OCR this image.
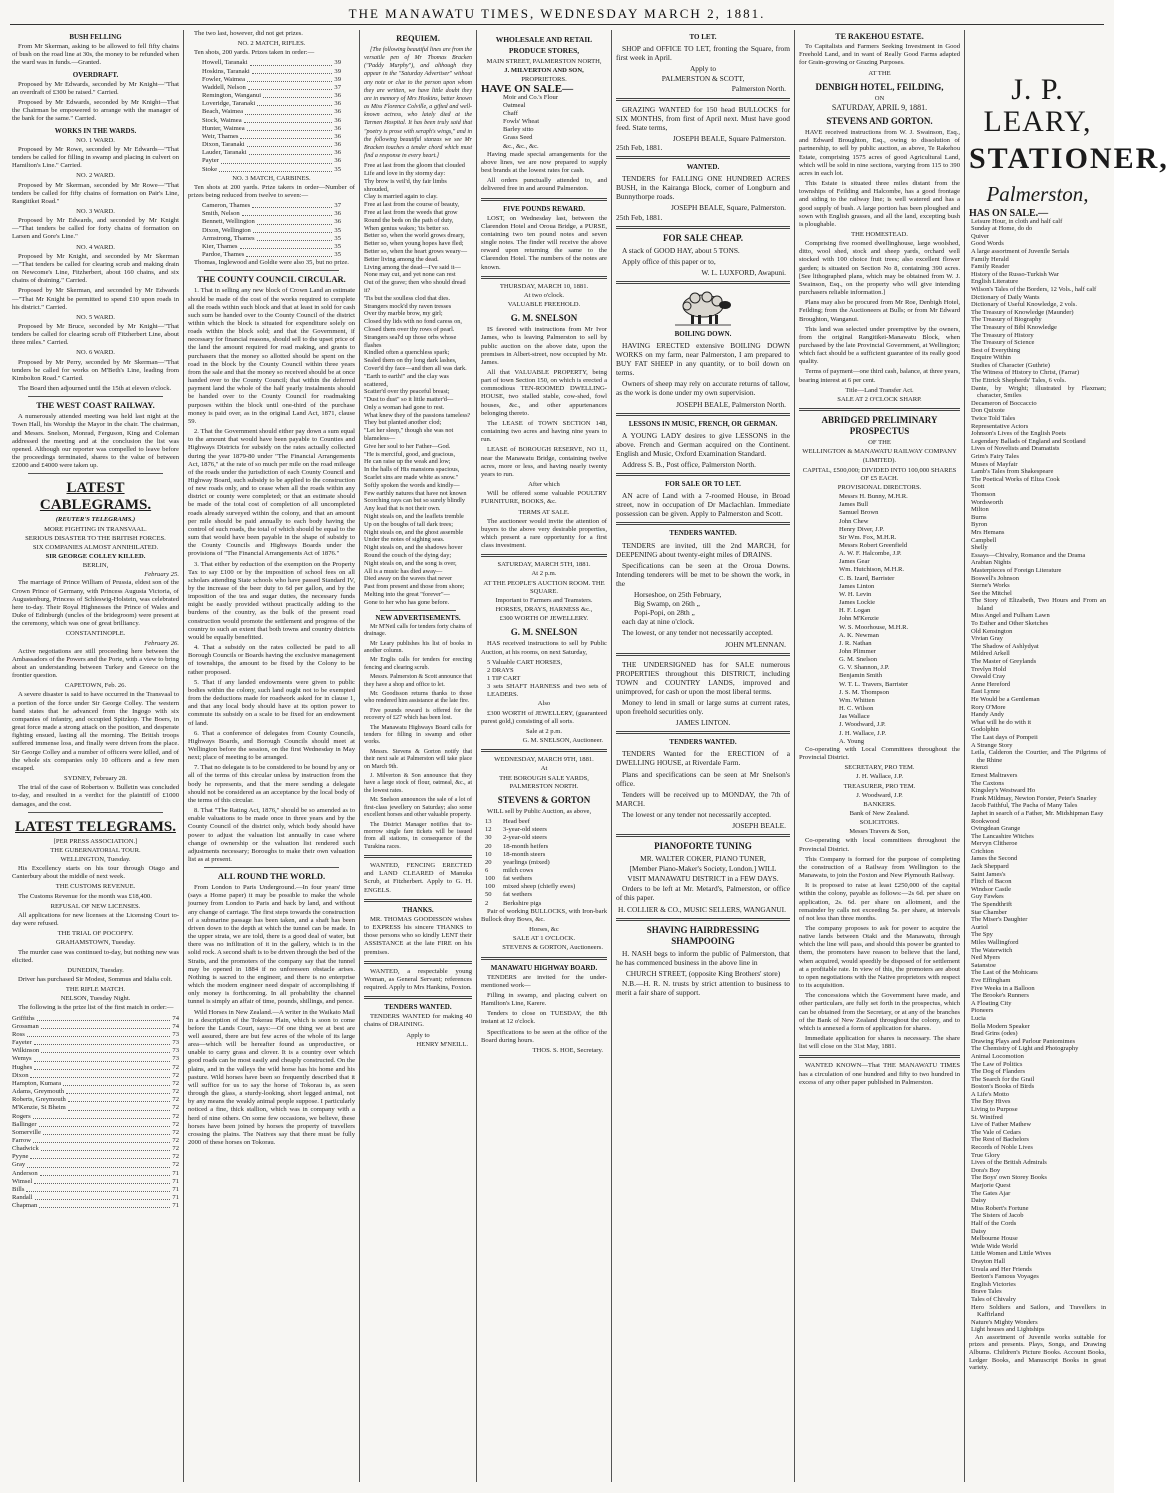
THE MANAWATU TIMES, WEDNESDAY MARCH 2, 1881.
BUSH FELLING

From Mr Skerman, asking to be allowed to fell fifty chains of bush on the road line at 30s, the money to be refunded when the ward was in funds.—Granted.

OVERDRAFT.

Proposed by Mr Edwards, seconded by Mr Knight—"That an overdraft of £300 be raised." Carried.

Proposed by Mr Edwards, seconded by Mr Knight—That the Chairman be empowered to arrange with the manager of the bank for the same." Carried.

WORKS IN THE WARDS.
NO. 1 WARD.

Proposed by Mr Rowe, seconded by Mr Edwards—"That tenders be called for filling in swamp and placing in culvert on Hamilton's Line." Carried.

NO. 2 WARD.

Proposed by Mr Skerman, seconded by Mr Rowe—"That tenders be called for fifty chains of formation on Pair's Line, Rangitikei Road."

NO. 3 WARD.

Proposed by Mr Edwards, and seconded by Mr Knight—"That tenders be called for forty chains of formation on Larsen and Gore's Line."

NO. 4 WARD.

Proposed by Mr Knight, and seconded by Mr Skerman—"That tenders be called for clearing scrub and making drain on Newcome's Line, Fitzherbert, about 160 chains, and six chains of draining." Carried.

Proposed by Mr Skerman, and seconded by Mr Edwards—"That Mr Knight be permitted to spend £10 upon roads in his district." Carried.

NO. 5 WARD.

Proposed by Mr Bruce, seconded by Mr Knight—"That tenders be called for clearing scrub off Fitzherbert Line, about three miles." Carried.

NO. 6 WARD.

Proposed by Mr Perry, seconded by Mr Skerman—"That tenders be called for works on M'Beth's Line, leading from Kimbolton Road." Carried.

The Board then adjourned until the 15th at eleven o'clock.

THE WEST COAST RAILWAY.

A numerously attended meeting was held last night at the Town Hall, his Worship the Mayor in the chair. The chairman, and Messrs. Snelson, Monrad, Ferguson, King and Coleman addressed the meeting and at the conclusion the list was opened. Although our reporter was compelled to leave before the proceedings terminated, shares to the value of between £2000 and £4000 were taken up.

LATEST CABLEGRAMS.
(REUTER'S TELEGRAMS.)
MORE FIGHTING IN TRANSVAAL.
SERIOUS DISASTER TO THE BRITISH FORCES.
SIX COMPANIES ALMOST ANNIHILATED.
SIR GEORGE COLLEY KILLED.
BERLIN,
February 25.

The marriage of Prince William of Prussia, eldest son of the Crown Prince of Germany, with Princess Augusta Victoria, of Augustenburg, Princess of Schleswig-Holstein, was celebrated here to-day. Their Royal Highnesses the Prince of Wales and Duke of Edinburgh (uncles of the bridegroom) were present at the ceremony, which was one of great brilliancy.

CONSTANTINOPLE.
February 26.

Active negotiations are still proceeding here between the Ambassadors of the Powers and the Porte, with a view to bring about an understanding between Turkey and Greece on the frontier question.

CAPETOWN, Feb. 26.

A severe disaster is said to have occurred in the Transvaal to a portion of the force under Sir George Colley. The western band states that he advanced from the Ingogo with six companies of infantry, and occupied Spitzkop. The Boers, in great force made a strong attack on the position, and desperate fighting ensued, lasting all the morning. The British troops suffered immense loss, and finally were driven from the place. Sir George Colley and a number of officers were killed, and of the whole six companies only 10 officers and a few men escaped.

SYDNEY, February 28.

The trial of the case of Robertson v. Bulletin was concluded to-day, and resulted in a verdict for the plaintiff of £1000 damages, and the cost.

LATEST TELEGRAMS.
[PER PRESS ASSOCIATION.]
THE GUBERNATORIAL TOUR.
WELLINGTON, Tuesday.

His Excellency starts on his tour through Otago and Canterbury about the middle of next week.

THE CUSTOMS REVENUE.

The Customs Revenue for the month was £18,400.

REFUSAL OF NEW LICENSES.

All applications for new licenses at the Licensing Court to-day were refused.

THE TRIAL OF POCOFFY.
GRAHAMSTOWN, Tuesday.

The murder case was continued to-day, but nothing new was elicited.

DUNEDIN, Tuesday.

Driver has purchased Sir Modest, Sommus and Idalia colt.

THE RIFLE MATCH.
NELSON, Tuesday Night.

The following is the prize list of the first match in order:—

Griffiths	74
Grossman	74
Ross	73
Fayeter	73
Wilkinson	73
Wemys	73
Hughes	72
Dixon	72
Hampton, Kumara	72
Adams, Greymouth	72
Roberts, Greymouth	72
M'Kenzie, St Bheim	72
Rogers	72
Ballinger	72
Somerville	72
Farrow	72
Chadwick	72
Pyyne	72
Gray	72
Anderson	71
Wimsel	71
Bills	71
Randall	71
Chapman	71

The two last, however, did not get prizes.

NO. 2 MATCH, RIFLES.

Ten shots, 200 yards. Prizes taken in order:—

Howell, Taranaki	39
Hoskins, Taranaki	39
Fowler, Waimea	39
Waddell, Nelson	37
Remington, Wanganui	36
Loveridge, Taranaki	36
Beach, Waimea	36
Stock, Waimea	36
Hunter, Waimea	36
Weir, Thames	36
Dixon, Taranaki	36
Lauder, Taranaki	36
Payter	36
Stoke	35
NO. 3 MATCH, CARBINES.

Ten shots at 200 yards. Prize takers in order—Number of prizes being reduced from twelve to seven:—

Cameron, Thames	37
Smith, Nelson	36
Bennett, Wellington	36
Dixon, Wellington	35
Armstrong, Thames	35
Kier, Thames	35
Pardoe, Thames	35

Thomas, Inglewood and Goldie were also 35, but no prize.

THE COUNTY COUNCIL CIRCULAR.

1. That in selling any new block of Crown Land an estimate should be made of the cost of the works required to complete all the roads within such block and that at least in sold for cash such sum be handed over to the County Council of the district within which the block is situated for expenditure solely on roads within the block sold; and that the Government, if necessary for financial reasons, should sell to the upset price of the land the amount required for road making, and grants to purchasers that the money so allotted should be spent on the road in the block by the County Council within three years from the sale and that the money so received should be at once handed over to the County Council; that within the deferred payment land the whole of the half yearly instalments should be handed over to the County Council for roadmaking purposes within the block until one-third of the purchase money is paid over, as in the original Land Act, 1871, clause 59.

2. That the Government should either pay down a sum equal to the amount that would have been payable to Counties and Highways Districts for subsidy on the rates actually collected during the year 1879-80 under "The Financial Arrangements Act, 1876," at the rate of so much per mile on the road mileage of the roads under the jurisdiction of each County Council and Highway Board, such subsidy to be applied to the construction of new roads only, and to cease when all the roads within any district or county were completed; or that an estimate should be made of the total cost of completion of all uncompleted roads already surveyed within the colony, and that an amount per mile should be paid annually to each body having the control of such roads, the total of which should be equal to the sum that would have been payable in the shape of subsidy to the County Councils and Highways Boards under the provisions of "The Financial Arrangements Act of 1876."

3. That either by reduction of the exemption on the Property Tax to say £100 or by the imposition of school fees on all scholars attending State schools who have passed Standard IV, by the increase of the beer duty to 6d per gallon, and by the imposition of the tea and sugar duties, the necessary funds might be easily provided without practically adding to the burdens of the country, as the bulk of the present road construction would promote the settlement and progress of the country to such an extent that both towns and country districts would be equally benefitted.

4. That a subsidy on the rates collected be paid to all Borough Councils or Boards having the exclusive management of townships, the amount to be fixed by the Colony to be rather proposed.

5. That if any landed endowments were given to public bodies within the colony, such land ought not to be exempted from the deductions made for roadwork asked for in clause 1, and that any local body should have at its option power to commute its subsidy on a scale to be fixed for an endowment of land.

6. That a conference of delegates from County Councils, Highways Boards, and Borough Councils should meet at Wellington before the session, on the first Wednesday in May next; place of meeting to be arranged.

7. That no delegate is to be considered to be bound by any or all of the terms of this circular unless by instruction from the body he represents, and that the mere sending a delegate should not be considered as an acceptance by the local body of the terms of this circular.

8. That "The Rating Act, 1876," should be so amended as to enable valuations to be made once in three years and by the County Council of the district only, which body should have power to adjust the valuation list annually in case where change of ownership or the valuation list rendered such adjustments necessary; Boroughs to make their own valuation list as at present.

ALL ROUND THE WORLD.

From London to Paris Underground.—In four years' time (says a Home paper) it may be possible to make the whole journey from London to Paris and back by land, and without any change of carriage. The first steps towards the construction of a submarine passage has been taken, and a shaft has been driven down to the depth at which the tunnel can be made. In the upper strata, we are told, there is a good deal of water, but there was no infiltration of it in the gallery, which is in the solid rock. A second shaft is to be driven through the bed of the Straits, and the promoters of the company say that the tunnel may be opened in 1884 if no unforeseen obstacle arises. Nothing is sacred to the engineer, and there is no enterprise which the modern engineer need despair of accomplishing if only money is forthcoming. In all probability the channel tunnel is simply an affair of time, pounds, shillings, and pence.

Wild Horses in New Zealand.—A writer in the Waikato Mail in a description of the Tokerau Plain, which is soon to come before the Lands Court, says:—Of one thing we at best are well assured, there are but few acres of the whole of its large area—which will be hereafter found as unproductive, or unable to carry grass and clover. It is a country over which good roads can be most easily and cheaply constructed. On the plains, and in the valleys the wild horse has his home and his pasture. Wild horses have been so frequently described that it will suffice for us to say the horse of Tokorau is, as seen through the glass, a sturdy-looking, short legged animal, not by any means the weakly animal people suppose. I particularly noticed a fine, thick stallion, which was in company with a herd of nine others. On some few occasions, we believe, these horses have been joined by horses the property of travellers crossing the plains. The Natives say that there must be fully 2000 of these horses on Tokorau.

REQUIEM.

[The following beautiful lines are from the versatile pen of Mr Thomas Bracken ("Paddy Murphy"), and although they appear in the "Saturday Advertiser" without any note or clue to the person upon whom they are written, we have little doubt they are in memory of Mrs Hoskins, better known as Miss Florence Colville, a gifted and well-known actress, who lately died at the Tarmen Hospital. It has been truly said that "poetry is prose with seraph's wings," and in the following beautiful stanzas we see Mr Bracken touches a tender chord which must find a response in every heart.]

Free at last from the gloom that clouded
Life and love in thy stormy day:
Thy brow is veil'd, thy fair limbs shrouded,
Clay is married again to clay.
Free at last from the course of beauty,
Free at last from the weeds that grow
Round the beds on the path of duty,
When genius wakes; 'tis better so.
Better so, when the world grows dreary,
Better so, when young hopes have fled;
Better so, when the heart grows weary—
Better living among the dead.
Living among the dead—I've said it—
None may cut, and yet none can rest
Out of the grave; then who should dread it?
'Tis but the soulless clod that dies.
Strangers mock'd thy raven tresses
Over thy marble brow, my girl;
Closed thy lids with no fond caress on,
Closed them over thy rows of pearl.
Strangers seal'd up those orbs whose flashes
Kindled often a quenchless spark;
Sealed them on thy long dark lashes,
Cover'd thy face—and then all was dark.
"Earth to earth!" and the clay was scattered,
Scatter'd over thy peaceful breast;
"Dust to dust" so it little matter'd—
Only a woman had gone to rest.
What knew they of the passions tameless?
They but planted another clod;
"Let her sleep," though she was not blameless—
Give her soul to her Father—God.
"He is merciful, good, and gracious,
He can raise up the weak and low;
In the halls of His mansions spacious,
Scarlet sins are made white as snow."
Softly spoken the words and kindly—
Few earthly natures that have not known
Scorching rays can but so surely blindly
Any lead that is not their own.
Night steals on, and the leaflets tremble
Up on the boughs of tall dark trees;
Night steals on, and the ghost assemble
Under the notes of sighing seas.
Night steals on, and the shadows hover
Round the couch of the dying day;
Night steals on, and the song is over,
All is a music has died away—
Died away on the waves that never
Past from present and those from shore;
Melting into the great "forever"—
Gone to her who has gone before.
NEW ADVERTISEMENTS.

Mr M'Neil calls for tenders forty chains of drainage.

Mr Leary publishes his list of books in another column.

Mr Englis calls for tenders for erecting fencing and clearing scrub.

Messrs. Palmerston & Scott announce that they have a shop and office to let.

Mr. Goodisson returns thanks to those who rendered him assistance at the late fire.

Five pounds reward is offered for the recovery of £27 which has been lost.

The Manawatu Highways Board calls for tenders for filling in swamp and other works.

Messrs. Stevens & Gorton notify that their next sale at Palmerston will take place on March 9th.

J. Milverton & Son announce that they have a large stock of flour, oatmeal, &c., at the lowest rates.

Mr. Snelson announces the sale of a lot of first-class jewellery on Saturday; also some excellent horses and other valuable property.

The District Manager notifies that to-morrow single fare tickets will be issued from all stations, in consequence of the Turakina races.

WANTED, FENCING ERECTED and LAND CLEARED of Manuka Scrub, at Fitzherbert. Apply to G. H. ENGELS.

THANKS.

MR. THOMAS GOODISSON wishes to EXPRESS his sincere THANKS to those persons who so kindly LENT their ASSISTANCE at the late FIRE on his premises.

WANTED, a respectable young Woman, as General Servant; references required. Apply to Mrs Hankins, Foxton.

TENDERS WANTED.

TENDERS WANTED for making 40 chains of DRAINING.

Apply to
HENRY M'NEILL.
WHOLESALE AND RETAIL PRODUCE STORES,
MAIN STREET, PALMERSTON NORTH,
J. MILVERTON AND SON,
PROPRIETORS.
HAVE ON SALE—
Moir and Co.'s Flour
Oatmeal
Chaff
Fowls' Wheat
Barley sitto
Grass Seed
&c., &c., &c.

Having made special arrangements for the above lines, we are now prepared to supply best brands at the lowest rates for cash.

All orders punctually attended to, and delivered free in and around Palmerston.

FIVE POUNDS REWARD.

LOST, on Wednesday last, between the Clarendon Hotel and Oroua Bridge, a PURSE, containing two ten pound notes and seven single notes. The finder will receive the above reward upon returning the same to the Clarendon Hotel. The numbers of the notes are known.

THURSDAY, MARCH 10, 1881.
At two o'clock.
VALUABLE FREEHOLD.
G. M. SNELSON

IS favored with instructions from Mr Ivor James, who is leaving Palmerston to sell by public auction on the above date, upon the premises in Albert-street, now occupied by Mr. James.

All that VALUABLE PROPERTY, being part of town Section 150, on which is erected a commodious TEN-ROOMED DWELLING-HOUSE, two stalled stable, cow-shed, fowl houses, &c., and other appurtenances belonging thereto.

The LEASE of TOWN SECTION 148, containing two acres and having nine years to run.

LEASE of BOROUGH RESERVE, NO 11, near the Manawatu Bridge, containing twelve acres, more or less, and having nearly twenty years to run.

After which

Will be offered some valuable POULTRY FURNITURE, BOOKS, &c.

TERMS AT SALE.

The auctioneer would invite the attention of buyers to the above very desirable properties, which present a rare opportunity for a first class investment.

SATURDAY, MARCH 5TH, 1881.
At 2 p.m.
AT THE PEOPLE'S AUCTION ROOM. THE SQUARE.
Important to Farmers and Teamsters.
HORSES, DRAYS, HARNESS &c.,
£300 WORTH OF JEWELLERY.
G. M. SNELSON

HAS received instructions to sell by Public Auction, at his rooms, on next Saturday,

5 Valuable CART HORSES,
2 DRAYS
1 TIP CART
3 sets SHAFT HARNESS and two sets of LEADERS.
Also

£300 WORTH of JEWELLERY, (guaranteed purest gold,) consisting of all sorts.

Sale at 2 p.m.
G. M. SNELSON, Auctioneer.
WEDNESDAY, MARCH 9TH, 1881.
At
THE BOROUGH SALE YARDS, PALMERSTON NORTH.
STEVENS & GORTON

WILL sell by Public Auction, as above,

13	Head beef
12	3-year-old steers
30	2-year-old steers
20	18-month heifers
10	18-month steers
20	yearlings (mixed)
6	milch cows
100	fat wethers
100	mixed sheep (chiefly ewes)
50	fat wethers
2	Berkshire pigs

Pair of working BULLOCKS, with Iron-bark Bullock dray Bows, &c.

Horses, &c
SALE AT 1 O'CLOCK.
STEVENS & GORTON, Auctioneers.
MANAWATU HIGHWAY BOARD.

TENDERS are invited for the under-mentioned work—

Filling in swamp, and placing culvert on Hamilton's Line, Karere.

Tenders to close on TUESDAY, the 8th instant at 12 o'clock.

Specifications to be seen at the office of the Board during hours.

THOS. S. HOE, Secretary.
TO LET.

SHOP and OFFICE TO LET, fronting the Square, from first week in April.

Apply to
PALMERSTON & SCOTT,
Palmerston North.

GRAZING WANTED for 150 head BULLOCKS for SIX MONTHS, from first of April next. Must have good feed. State terms,

JOSEPH BEALE, Square Palmerston.
25th Feb, 1881.
WANTED.

TENDERS for FALLING ONE HUNDRED ACRES BUSH, in the Kairanga Block, corner of Longburn and Bunnythorpe roads.

JOSEPH BEALE, Square, Palmerston.
25th Feb, 1881.
FOR SALE CHEAP.

A stack of GOOD HAY, about 5 TONS.

Apply office of this paper or to,

W. L. LUXFORD, Awapuni.
BOILING DOWN.

HAVING ERECTED extensive BOILING DOWN WORKS on my farm, near Palmerston, I am prepared to BUY FAT SHEEP in any quantity, or to boil down on terms.

Owners of sheep may rely on accurate returns of tallow, as the work is done under my own supervision.

JOSEPH BEALE, Palmerston North.
LESSONS IN MUSIC, FRENCH, OR GERMAN.

A YOUNG LADY desires to give LESSONS in the above. French and German acquired on the Continent. English and Music, Oxford Examination Standard.

Address S. B., Post office, Palmerston North.

FOR SALE OR TO LET.

AN acre of Land with a 7-roomed House, in Broad street, now in occupation of Dr Maclachlan. Immediate possession can be given. Apply to Palmerston and Scott.

TENDERS WANTED.

TENDERS are invited, till the 2nd MARCH, for DEEPENING about twenty-eight miles of DRAINS.

Specifications can be seen at the Oroua Downs. Intending tenderers will be met to be shown the work, in the

Horseshoe, on 25th February,
Big Swamp, on 26th „
Popi-Popi, on 28th „

each day at nine o'clock.

The lowest, or any tender not necessarily accepted.

JOHN M'LENNAN.

THE UNDERSIGNED has for SALE numerous PROPERTIES throughout this DISTRICT, including TOWN and COUNTRY LANDS, improved and unimproved, for cash or upon the most liberal terms.

Money to lend in small or large sums at current rates, upon freehold securities only.

JAMES LINTON.
TENDERS WANTED.

TENDERS Wanted for the ERECTION of a DWELLING HOUSE, at Riverdale Farm.

Plans and specifications can be seen at Mr Snelson's office.

Tenders will be received up to MONDAY, the 7th of MARCH.

The lowest or any tender not necessarily accepted.

JOSEPH BEALE.
PIANOFORTE TUNING
MR. WALTER COKER, PIANO TUNER,
[Member Piano-Maker's Society, London.] WILL
VISIT MANAWATU DISTRICT in a FEW DAYS.

Orders to be left at Mr. Metard's, Palmerston, or office of this paper.

H. COLLIER & CO., MUSIC SELLERS, WANGANUI.
SHAVING HAIRDRESSING SHAMPOOING

H. NASH begs to inform the public of Palmerston, that he has commenced business in the above line in

CHURCH STREET, (opposite King Brothers' store)

N.B.—H. R. N. trusts by strict attention to business to merit a fair share of support.

TE RAKEHOU ESTATE.

To Capitalists and Farmers Seeking Investment in Good Freehold Land, and in want of Really Good Farms adapted for Grain-growing or Grazing Purposes.

AT THE
DENBIGH HOTEL, FEILDING,
ON
SATURDAY, APRIL 9, 1881.
STEVENS AND GORTON.

HAVE received instructions from W. J. Swainson, Esq., and Edward Broughton, Esq., owing to dissolution of partnership, to sell by public auction, as above, Te Rakehou Estate, comprising 1575 acres of good Agricultural Land, which will be sold in nine sections, varying from 115 to 390 acres in each lot.

This Estate is situated three miles distant from the townships of Feilding and Halcombe, has a good frontage and siding to the railway line; is well watered and has a good supply of bush. A large portion has been ploughed and sown with English grasses, and all the land, excepting bush is ploughable.

THE HOMESTEAD.

Comprising five roomed dwellinghouse, large woolshed, ditto, wool shed, stock and sheep yards, orchard well stocked with 100 choice fruit trees; also excellent flower garden; is situated on Section No 8, containing 390 acres. [See lithographed plans, which may be obtained from W. J. Swainson, Esq., on the property who will give intending purchasers reliable information.]

Plans may also be procured from Mr Roe, Denbigh Hotel, Feilding; from the Auctioneers at Bulls; or from Mr Edward Broughton, Wanganui.

This land was selected under preemptive by the owners, from the original Rangitikei-Manawatu Block, when purchased by the late Provincial Government, at Wellington; which fact should be a sufficient guarantee of its really good quality.

Terms of payment—one third cash, balance, at three years, bearing interest at 6 per cent.

Title—Land Transfer Act.
SALE AT 2 O'CLOCK SHARP.
ABRIDGED PRELIMINARY PROSPECTUS
OF THE
WELLINGTON & MANAWATU RAILWAY COMPANY
(LIMITED).
CAPITAL, £500,000; DIVIDED INTO 100,000 SHARES OF £5 EACH.
PROVISIONAL DIRECTORS.
Messrs H. Bunny, M.H.R.
James Bull
Samuel Brown
John Chew
Henry Diver, J.P.
Sir Wm. Fox, M.H.R.
Messrs Robert Greenfield
A. W. F. Halcombe, J.P.
James Gear
Wm. Hutchison, M.H.R.
C. B. Izard, Barrister
James Linton
W. H. Levin
James Lockie
H. F. Logan
John M'Kenzie
W. S. Moorhouse, M.H.R.
A. K. Newman
J. R. Nathan
John Plimmer
G. M. Snelson
G. V. Shannon, J.P.
Benjamin Smith
W. T. L. Travers, Barrister
J. S. M. Thompson
Wm. Whitten
H. C. Wilson
Jas Wallace
J. Woodward, J.P.
J. H. Wallace, J.P.
A. Young

Co-operating with Local Committees throughout the Provincial District.

SECRETARY, PRO TEM.
J. H. Wallace, J.P.
TREASURER, PRO TEM.
J. Woodward, J.P.
BANKERS.
Bank of New Zealand.
SOLICITORS.
Messrs Travers & Son,

Co-operating with local committees throughout the Provincial District.

This Company is formed for the purpose of completing the construction of a Railway from Wellington to the Manawatu, to join the Foxton and New Plymouth Railway.

It is proposed to raise at least £250,000 of the capital within the colony, payable as follows:—2s 6d. per share on application, 2s. 6d. per share on allotment, and the remainder by calls not exceeding 5s. per share, at intervals of not less than three months.

The company proposes to ask for power to acquire the native lands between Otaki and the Manawatu, through which the line will pass, and should this power be granted to them, the promoters have reason to believe that the land, when acquired, would speedily be disposed of for settlement at a profitable rate. In view of this, the promoters are about to open negotiations with the Native proprietors with respect to its acquisition.

The concessions which the Government have made, and other particulars, are fully set forth in the prospectus, which can be obtained from the Secretary, or at any of the branches of the Bank of New Zealand throughout the colony, and to which is annexed a form of application for shares.

Immediate application for shares is necessary. The share list will close on the 31st May, 1881.

WANTED KNOWN—That THE MANAWATU TIMES has a circulation of one hundred and fifty to two hundred in excess of any other paper published in Palmerston.

J. P. LEARY,
STATIONER,
Palmerston,
HAS ON SALE.—
Leisure Hour, in cloth and half calf
Sunday at Home, do do
Quiver
Good Words
A large assortment of Juvenile Serials
Family Herald
Family Reader
History of the Russo-Turkish War
English Literature
Wilson's Tales of the Borders, 12 Vols., half calf
Dictionary of Daily Wants
Dictionary of Useful Knowledge, 2 vols.
The Treasury of Knowledge (Maunder)
The Treasury of Biography
The Treasury of Bibl Knowledge
The Treasury of History
The Treasury of Science
Best of Everything
Enquire Within
Studies of Character (Guthrie)
The Witness of History to Christ, (Farrar)
The Ettrick Shepherds' Tales, 6 vols.
Dante, by Wright; illustrated by Flaxman; character, Smiles
Decameron of Boccaccio
Don Quixote
Twice Told Tales
Representative Actors
Johnson's Lives of the English Poets
Legendary Ballads of England and Scotland
Lives of Novelists and Dramatists
Grim's Fairy Tales
Muses of Mayfair
Lamb's Tales from Shakespeare
The Poetical Works of Eliza Cook
Scott
Thomson
Wordsworth
Milton
Burns
Byron
Mrs Hemans
Campbell
Shelly
Essays—Chivalry, Romance and the Drama
Arabian Nights
Masterpieces of Foreign Literature
Boswell's Johnson
Sterne's Works
See the Mitchel
The Story of Elizabeth, Two Hours and From an Island
Miss Angel and Fulham Lawn
To Esther and Other Sketches
Old Kensington
Vivian Gray
The Shadow of Ashlydyat
Mildred Arkell
The Master of Greylands
Trevlyn Hold
Oswald Cray
Anne Hereford
East Lynne
He Would be a Gentleman
Rory O'More
Handy Andy
What will he do with it
Godolphin
The Last days of Pompeii
A Strange Story
Leila, Calderon the Courtier, and The Pilgrims of the Rhine
Rienzi
Ernest Maltravers
The Caxtons
Kingsley's Westward Ho
Frank Mildmay, Newton Forster, Peter's Snarley
Jacob Faithful, The Pacha of Many Tales
Japhet in search of a Father, Mr. Midshipman Easy
Rookwood
Ovingdean Grange
The Lancashire Witches
Mervyn Clitheroe
Crichton
James the Second
Jack Sheppard
Saint James's
Flitch of Bacon
Windsor Castle
Guy Fawkes
The Spendthrift
Star Chamber
The Miser's Daughter
Auriol
The Spy
Miles Wallingford
The Waterwitch
Ned Myers
Satanstoe
The Last of the Mohicans
Eve Effingham
Five Weeks in a Balloon
The Brooke's Runners
A Floating City
Pioneers
Lucia
Bolla Modern Speaker
Brad Grins (odes)
Drawing Plays and Parlour Pantomimes
The Chemistry of Light and Photography
Animal Locomotion
The Law of Politics
The Dog of Flanders
The Search for the Grail
Boston's Books of Birds
A Life's Motto
The Boy Hives
Living to Purpose
St. Winifred
Live of Father Mathew
The Vale of Cedars
The Rest of Bachelors
Records of Noble Lives
True Glory
Lives of the British Admirals
Dora's Boy
The Boys' own Storey Books
Marjorie Quest
The Gates Ajar
Daisy
Miss Robert's Fortune
The Sisters of Jacob
Half of the Cords
Daisy
Melbourne House
Wide Wide World
Little Women and Little Wives
Drayton Hall
Ursula and Her Friends
Beeton's Famous Voyages
English Victories
Brave Tales
Tales of Chivalry
Hero Soldiers and Sailors, and Travellers in Kaffirland
Nature's Mighty Wonders
Light houses and Lightships

An assortment of Juvenile works suitable for prizes and presents. Plays, Songs, and Drawing Albums. Children's Picture Books. Account Books, Ledger Books, and Manuscript Books in great variety.
